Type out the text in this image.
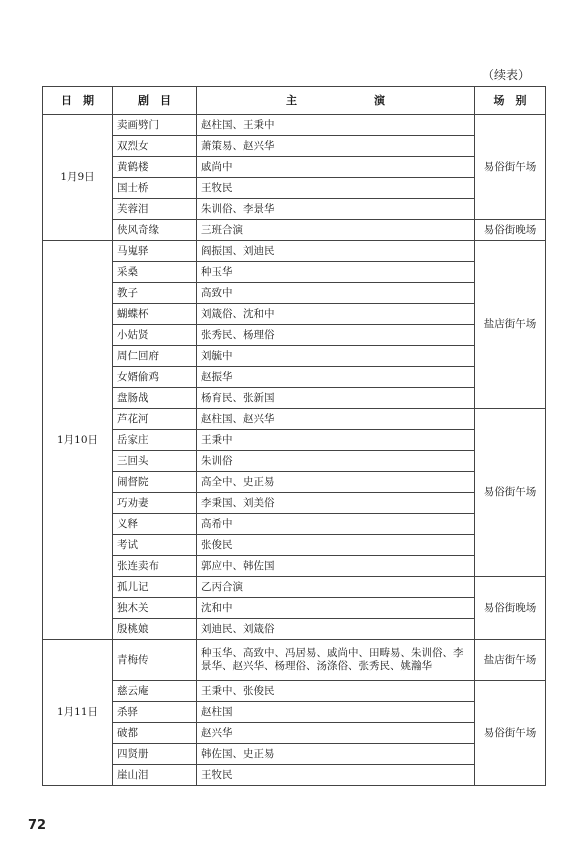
（续表）
日　期	剧　目	主　　　　　　　演	场　别
1月9日	卖画劈门	赵柱国、王秉中	易俗街午场
	双烈女	萧策易、赵兴华	
	黄鹤楼	戚尚中	
	国士桥	王牧民	
	芙蓉泪	朱训俗、李景华	
	侠风奇缘	三班合演	易俗街晚场
1月10日	马嵬驿	阎振国、刘迪民	盐店街午场
	采桑	种玉华	
	教子	高致中	
	蝴蝶杯	刘箴俗、沈和中	
	小姑贤	张秀民、杨理俗	
	周仁回府	刘毓中	
	女婿偷鸡	赵振华	
	盘肠战	杨育民、张新国	
	芦花河	赵柱国、赵兴华	易俗街午场
	岳家庄	王秉中	
	三回头	朱训俗	
	闹督院	高全中、史正易	
	巧劝妻	李秉国、刘美俗	
	义释	高希中	
	考试	张俊民	
	张连卖布	郭应中、韩佐国	
	孤儿记	乙丙合演	易俗街晚场
	独木关	沈和中	
	殷桃娘	刘迪民、刘箴俗	
1月11日	青梅传	种玉华、高致中、冯居易、戚尚中、田畴易、朱训俗、李景华、赵兴华、杨理俗、汤涤俗、张秀民、姚瀚华	盐店街午场
	慈云庵	王秉中、张俊民	易俗街午场
	杀驿	赵柱国	
	破都	赵兴华	
	四贤册	韩佐国、史正易	
	崖山泪	王牧民	
72
